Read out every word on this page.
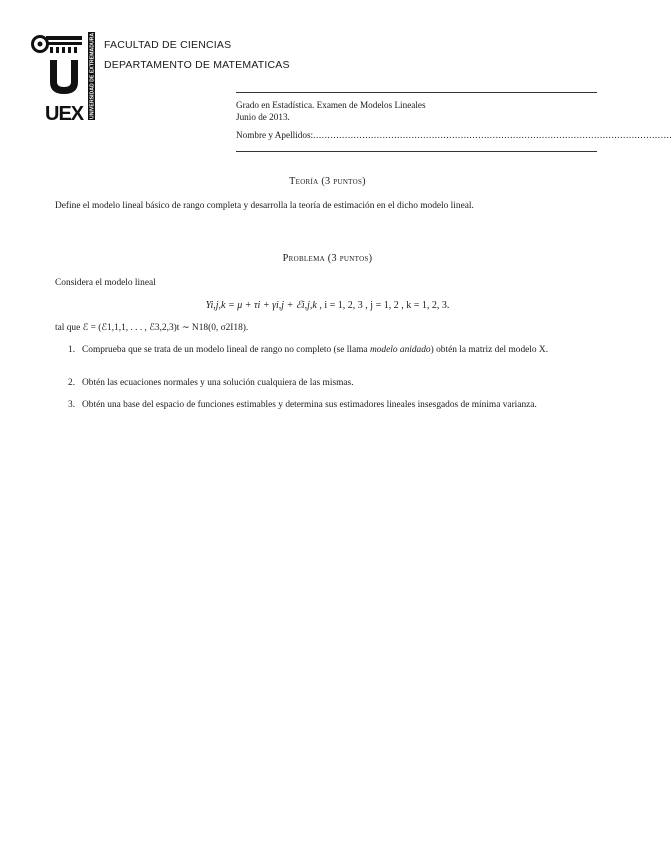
UNIVERSIDAD DE EXTREMADURA
UEX
FACULTAD DE CIENCIAS
DEPARTAMENTO DE MATEMATICAS
Grado en Estadística. Examen de Modelos Lineales
Junio de 2013.
Nombre y Apellidos: ............................................................................................................................
Teoría (3 puntos)
Define el modelo lineal básico de rango completa y desarrolla la teoría de estimación en el dicho modelo lineal.
Problema (3 puntos)
Considera el modelo lineal
Yi,j,k = μ + τi + γi,j + ℰi,j,k , i = 1, 2, 3 , j = 1, 2 , k = 1, 2, 3.
tal que ℰ = (ℰ1,1,1, . . . , ℰ3,2,3)t ∼ N18(0, σ2I18).
1. Comprueba que se trata de un modelo lineal de rango no completo (se llama modelo anidado) obtén la matriz del modelo X.
2. Obtén las ecuaciones normales y una solución cualquiera de las mismas.
3. Obtén una base del espacio de funciones estimables y determina sus estimadores lineales insesgados de mínima varianza.
